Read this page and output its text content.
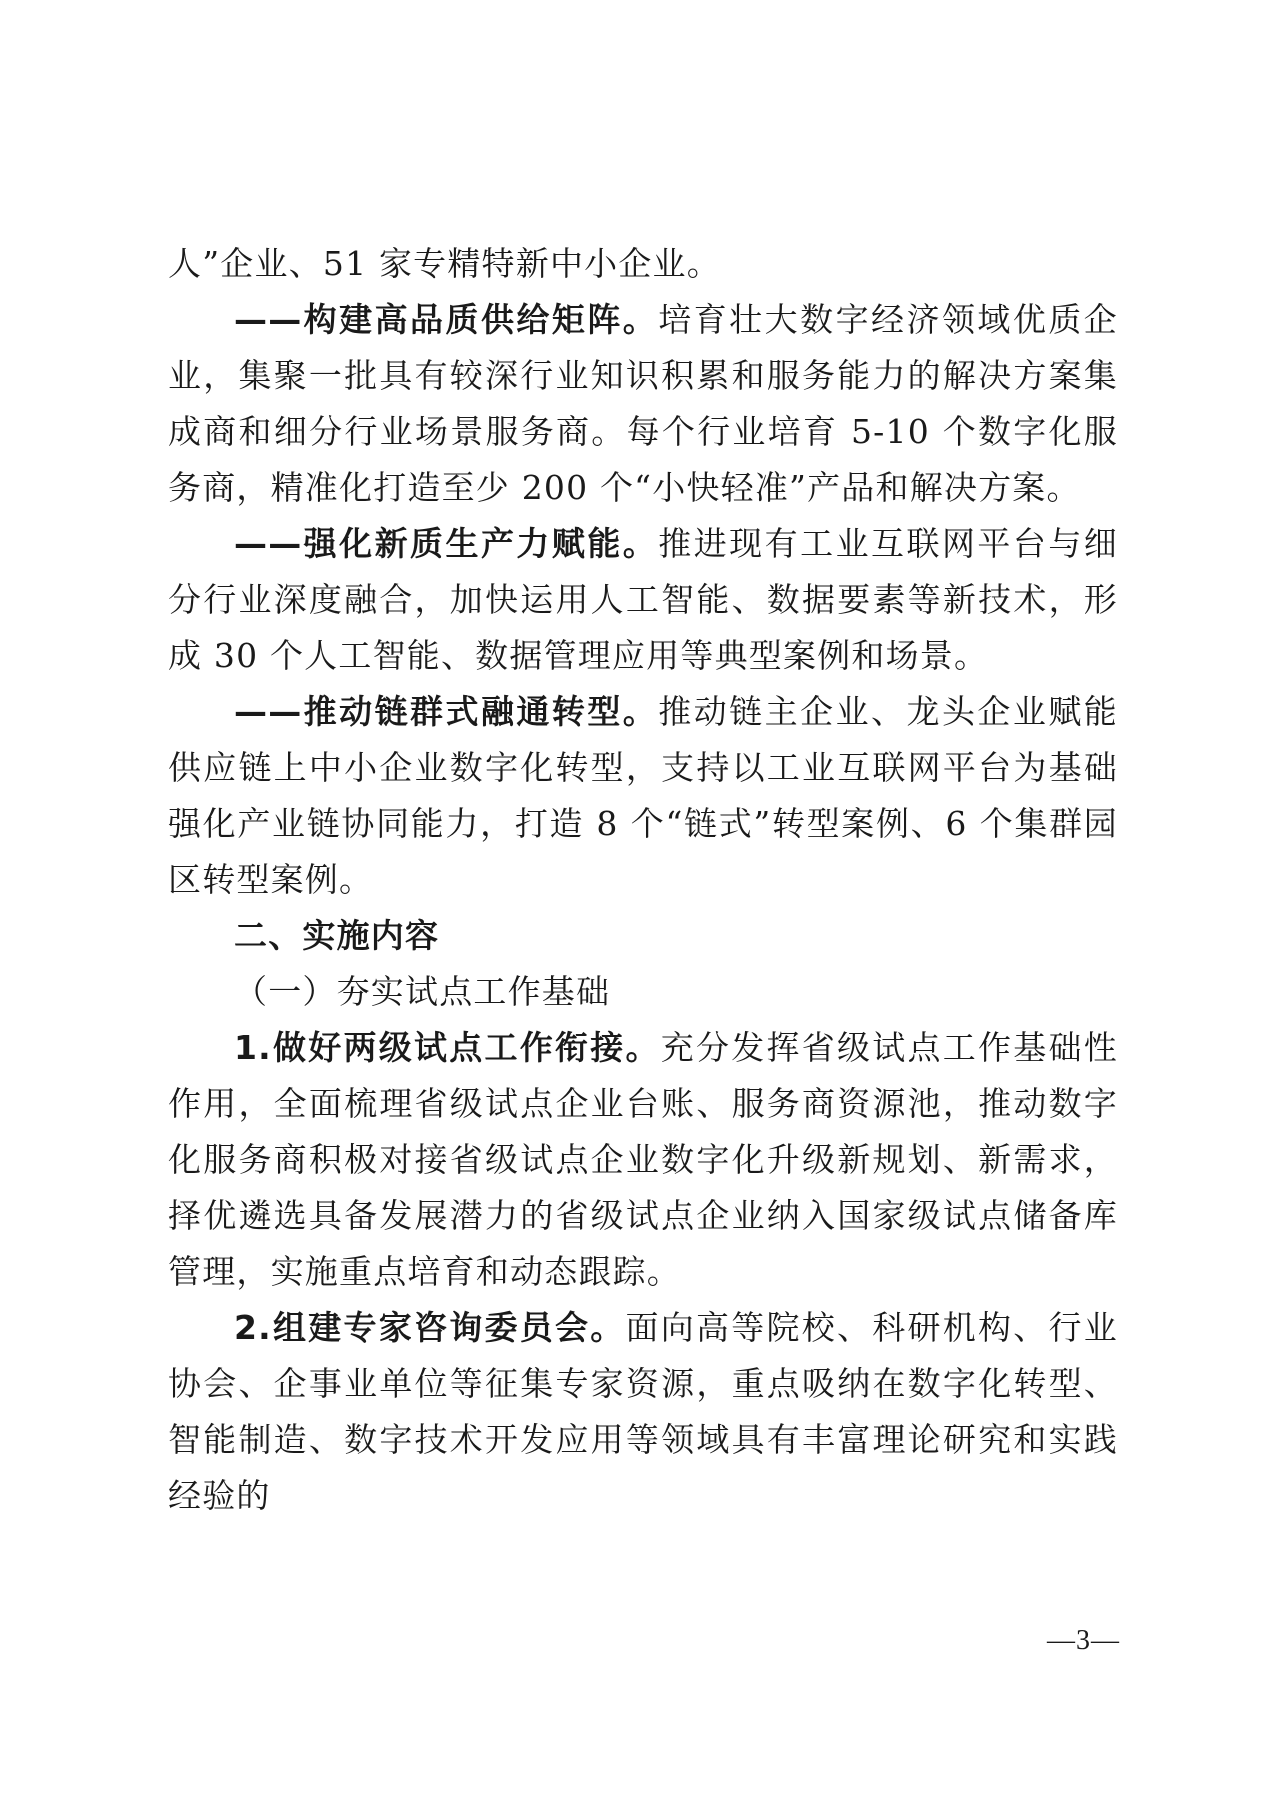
人”企业、51 家专精特新中小企业。

——构建高品质供给矩阵。培育壮大数字经济领域优质企业，集聚一批具有较深行业知识积累和服务能力的解决方案集成商和细分行业场景服务商。每个行业培育 5-10 个数字化服务商，精准化打造至少 200 个“小快轻准”产品和解决方案。

——强化新质生产力赋能。推进现有工业互联网平台与细分行业深度融合，加快运用人工智能、数据要素等新技术，形成 30 个人工智能、数据管理应用等典型案例和场景。

——推动链群式融通转型。推动链主企业、龙头企业赋能供应链上中小企业数字化转型，支持以工业互联网平台为基础强化产业链协同能力，打造 8 个“链式”转型案例、6 个集群园区转型案例。

二、实施内容

（一）夯实试点工作基础

1.做好两级试点工作衔接。充分发挥省级试点工作基础性作用，全面梳理省级试点企业台账、服务商资源池，推动数字化服务商积极对接省级试点企业数字化升级新规划、新需求，择优遴选具备发展潜力的省级试点企业纳入国家级试点储备库管理，实施重点培育和动态跟踪。

2.组建专家咨询委员会。面向高等院校、科研机构、行业协会、企事业单位等征集专家资源，重点吸纳在数字化转型、智能制造、数字技术开发应用等领域具有丰富理论研究和实践经验的

—3—
